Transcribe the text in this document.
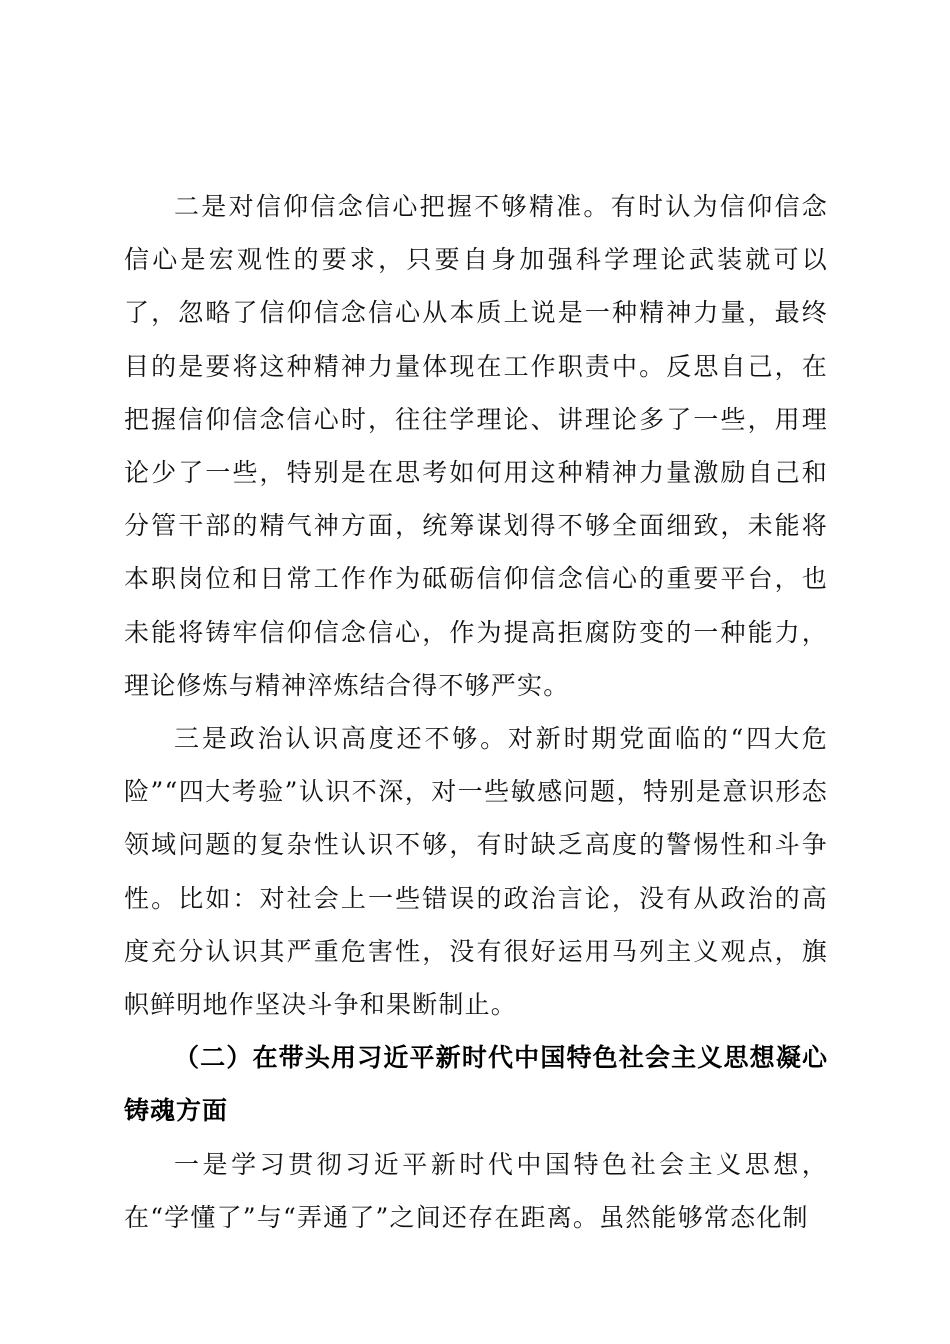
二是对信仰信念信心把握不够精准。有时认为信仰信念信心是宏观性的要求，只要自身加强科学理论武装就可以了，忽略了信仰信念信心从本质上说是一种精神力量，最终目的是要将这种精神力量体现在工作职责中。反思自己，在把握信仰信念信心时，往往学理论、讲理论多了一些，用理论少了一些，特别是在思考如何用这种精神力量激励自己和分管干部的精气神方面，统筹谋划得不够全面细致，未能将本职岗位和日常工作作为砥砺信仰信念信心的重要平台，也未能将铸牢信仰信念信心，作为提高拒腐防变的一种能力，理论修炼与精神淬炼结合得不够严实。

三是政治认识高度还不够。对新时期党面临的“四大危险”“四大考验”认识不深，对一些敏感问题，特别是意识形态领域问题的复杂性认识不够，有时缺乏高度的警惕性和斗争性。比如：对社会上一些错误的政治言论，没有从政治的高度充分认识其严重危害性，没有很好运用马列主义观点，旗帜鲜明地作坚决斗争和果断制止。

（二）在带头用习近平新时代中国特色社会主义思想凝心铸魂方面

一是学习贯彻习近平新时代中国特色社会主义思想，在“学懂了”与“弄通了”之间还存在距离。虽然能够常态化制
